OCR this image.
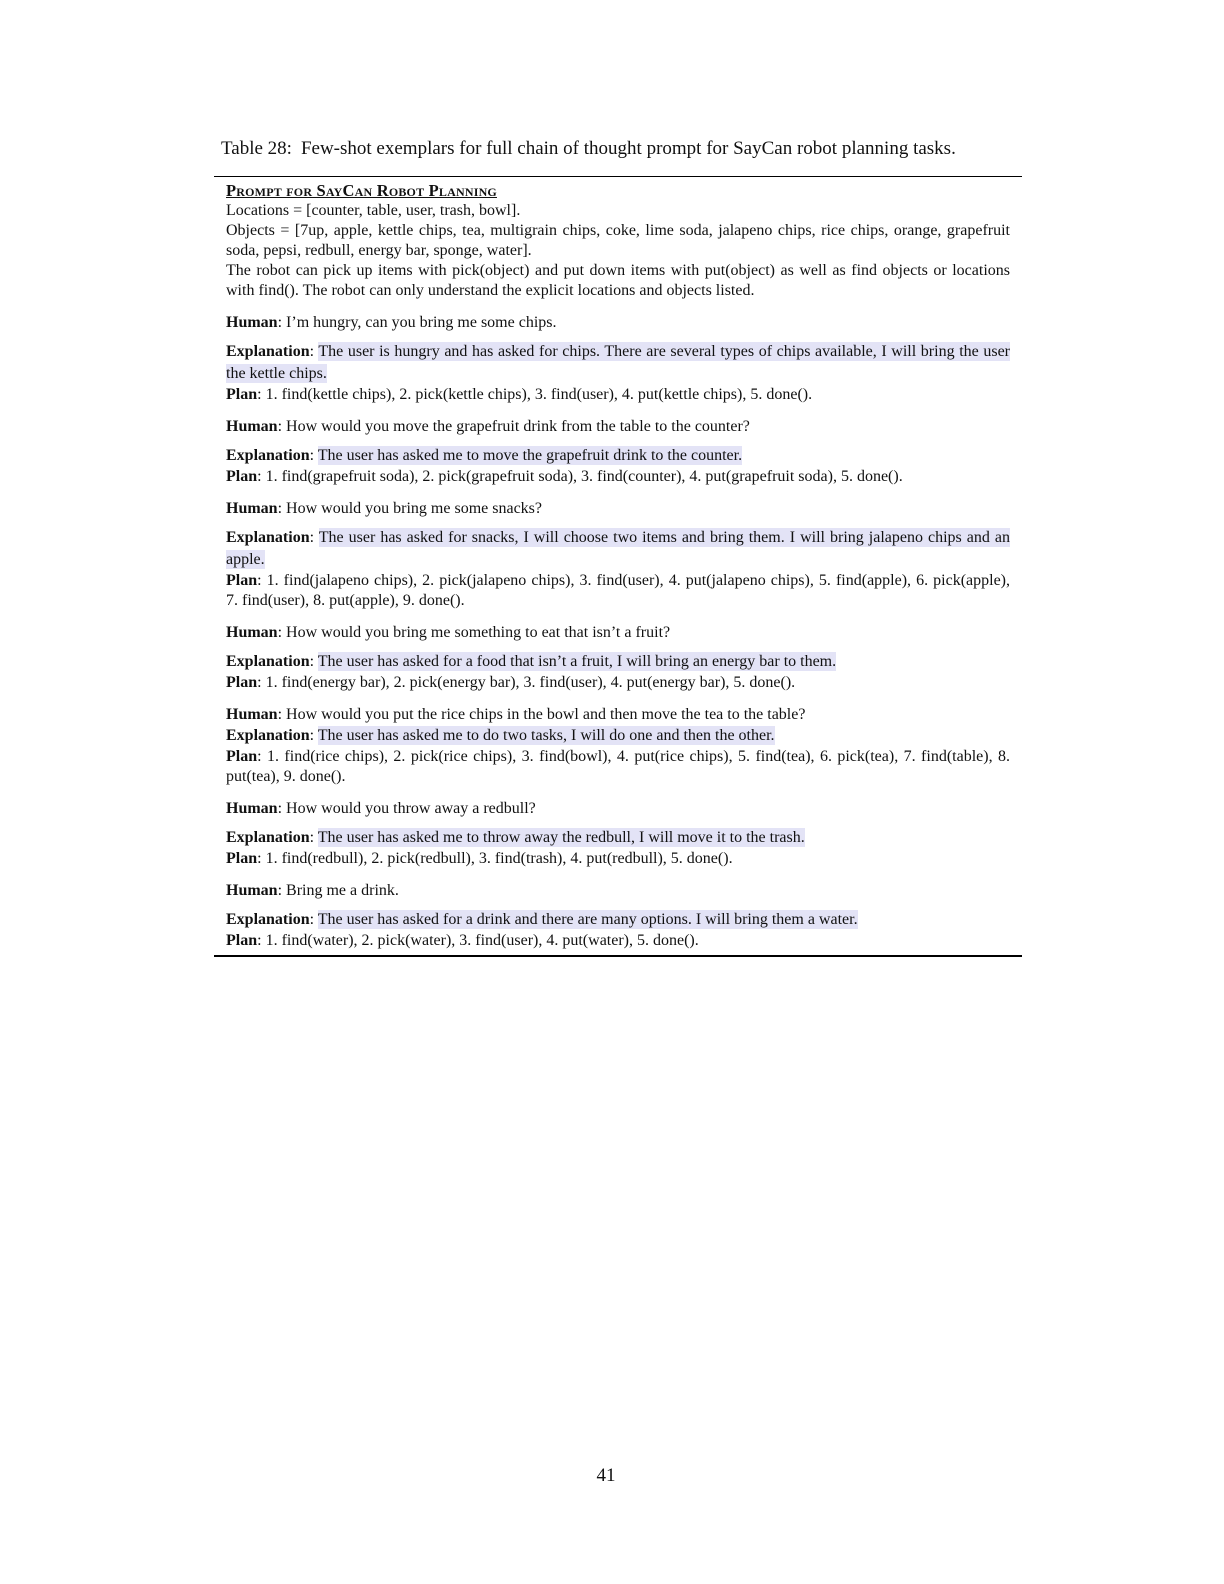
Table 28: Few-shot exemplars for full chain of thought prompt for SayCan robot planning tasks.
Prompt for SayCan Robot Planning

Locations = [counter, table, user, trash, bowl].

Objects = [7up, apple, kettle chips, tea, multigrain chips, coke, lime soda, jalapeno chips, rice chips, orange, grapefruit soda, pepsi, redbull, energy bar, sponge, water].

The robot can pick up items with pick(object) and put down items with put(object) as well as find objects or locations with find(). The robot can only understand the explicit locations and objects listed.

Human: I’m hungry, can you bring me some chips.

Explanation: The user is hungry and has asked for chips. There are several types of chips available, I will bring the user the kettle chips.

Plan: 1. find(kettle chips), 2. pick(kettle chips), 3. find(user), 4. put(kettle chips), 5. done().

Human: How would you move the grapefruit drink from the table to the counter?

Explanation: The user has asked me to move the grapefruit drink to the counter.

Plan: 1. find(grapefruit soda), 2. pick(grapefruit soda), 3. find(counter), 4. put(grapefruit soda), 5. done().

Human: How would you bring me some snacks?

Explanation: The user has asked for snacks, I will choose two items and bring them. I will bring jalapeno chips and an apple.

Plan: 1. find(jalapeno chips), 2. pick(jalapeno chips), 3. find(user), 4. put(jalapeno chips), 5. find(apple), 6. pick(apple), 7. find(user), 8. put(apple), 9. done().

Human: How would you bring me something to eat that isn’t a fruit?

Explanation: The user has asked for a food that isn’t a fruit, I will bring an energy bar to them.

Plan: 1. find(energy bar), 2. pick(energy bar), 3. find(user), 4. put(energy bar), 5. done().

Human: How would you put the rice chips in the bowl and then move the tea to the table?

Explanation: The user has asked me to do two tasks, I will do one and then the other.

Plan: 1. find(rice chips), 2. pick(rice chips), 3. find(bowl), 4. put(rice chips), 5. find(tea), 6. pick(tea), 7. find(table), 8. put(tea), 9. done().

Human: How would you throw away a redbull?

Explanation: The user has asked me to throw away the redbull, I will move it to the trash.

Plan: 1. find(redbull), 2. pick(redbull), 3. find(trash), 4. put(redbull), 5. done().

Human: Bring me a drink.

Explanation: The user has asked for a drink and there are many options. I will bring them a water.

Plan: 1. find(water), 2. pick(water), 3. find(user), 4. put(water), 5. done().

41
